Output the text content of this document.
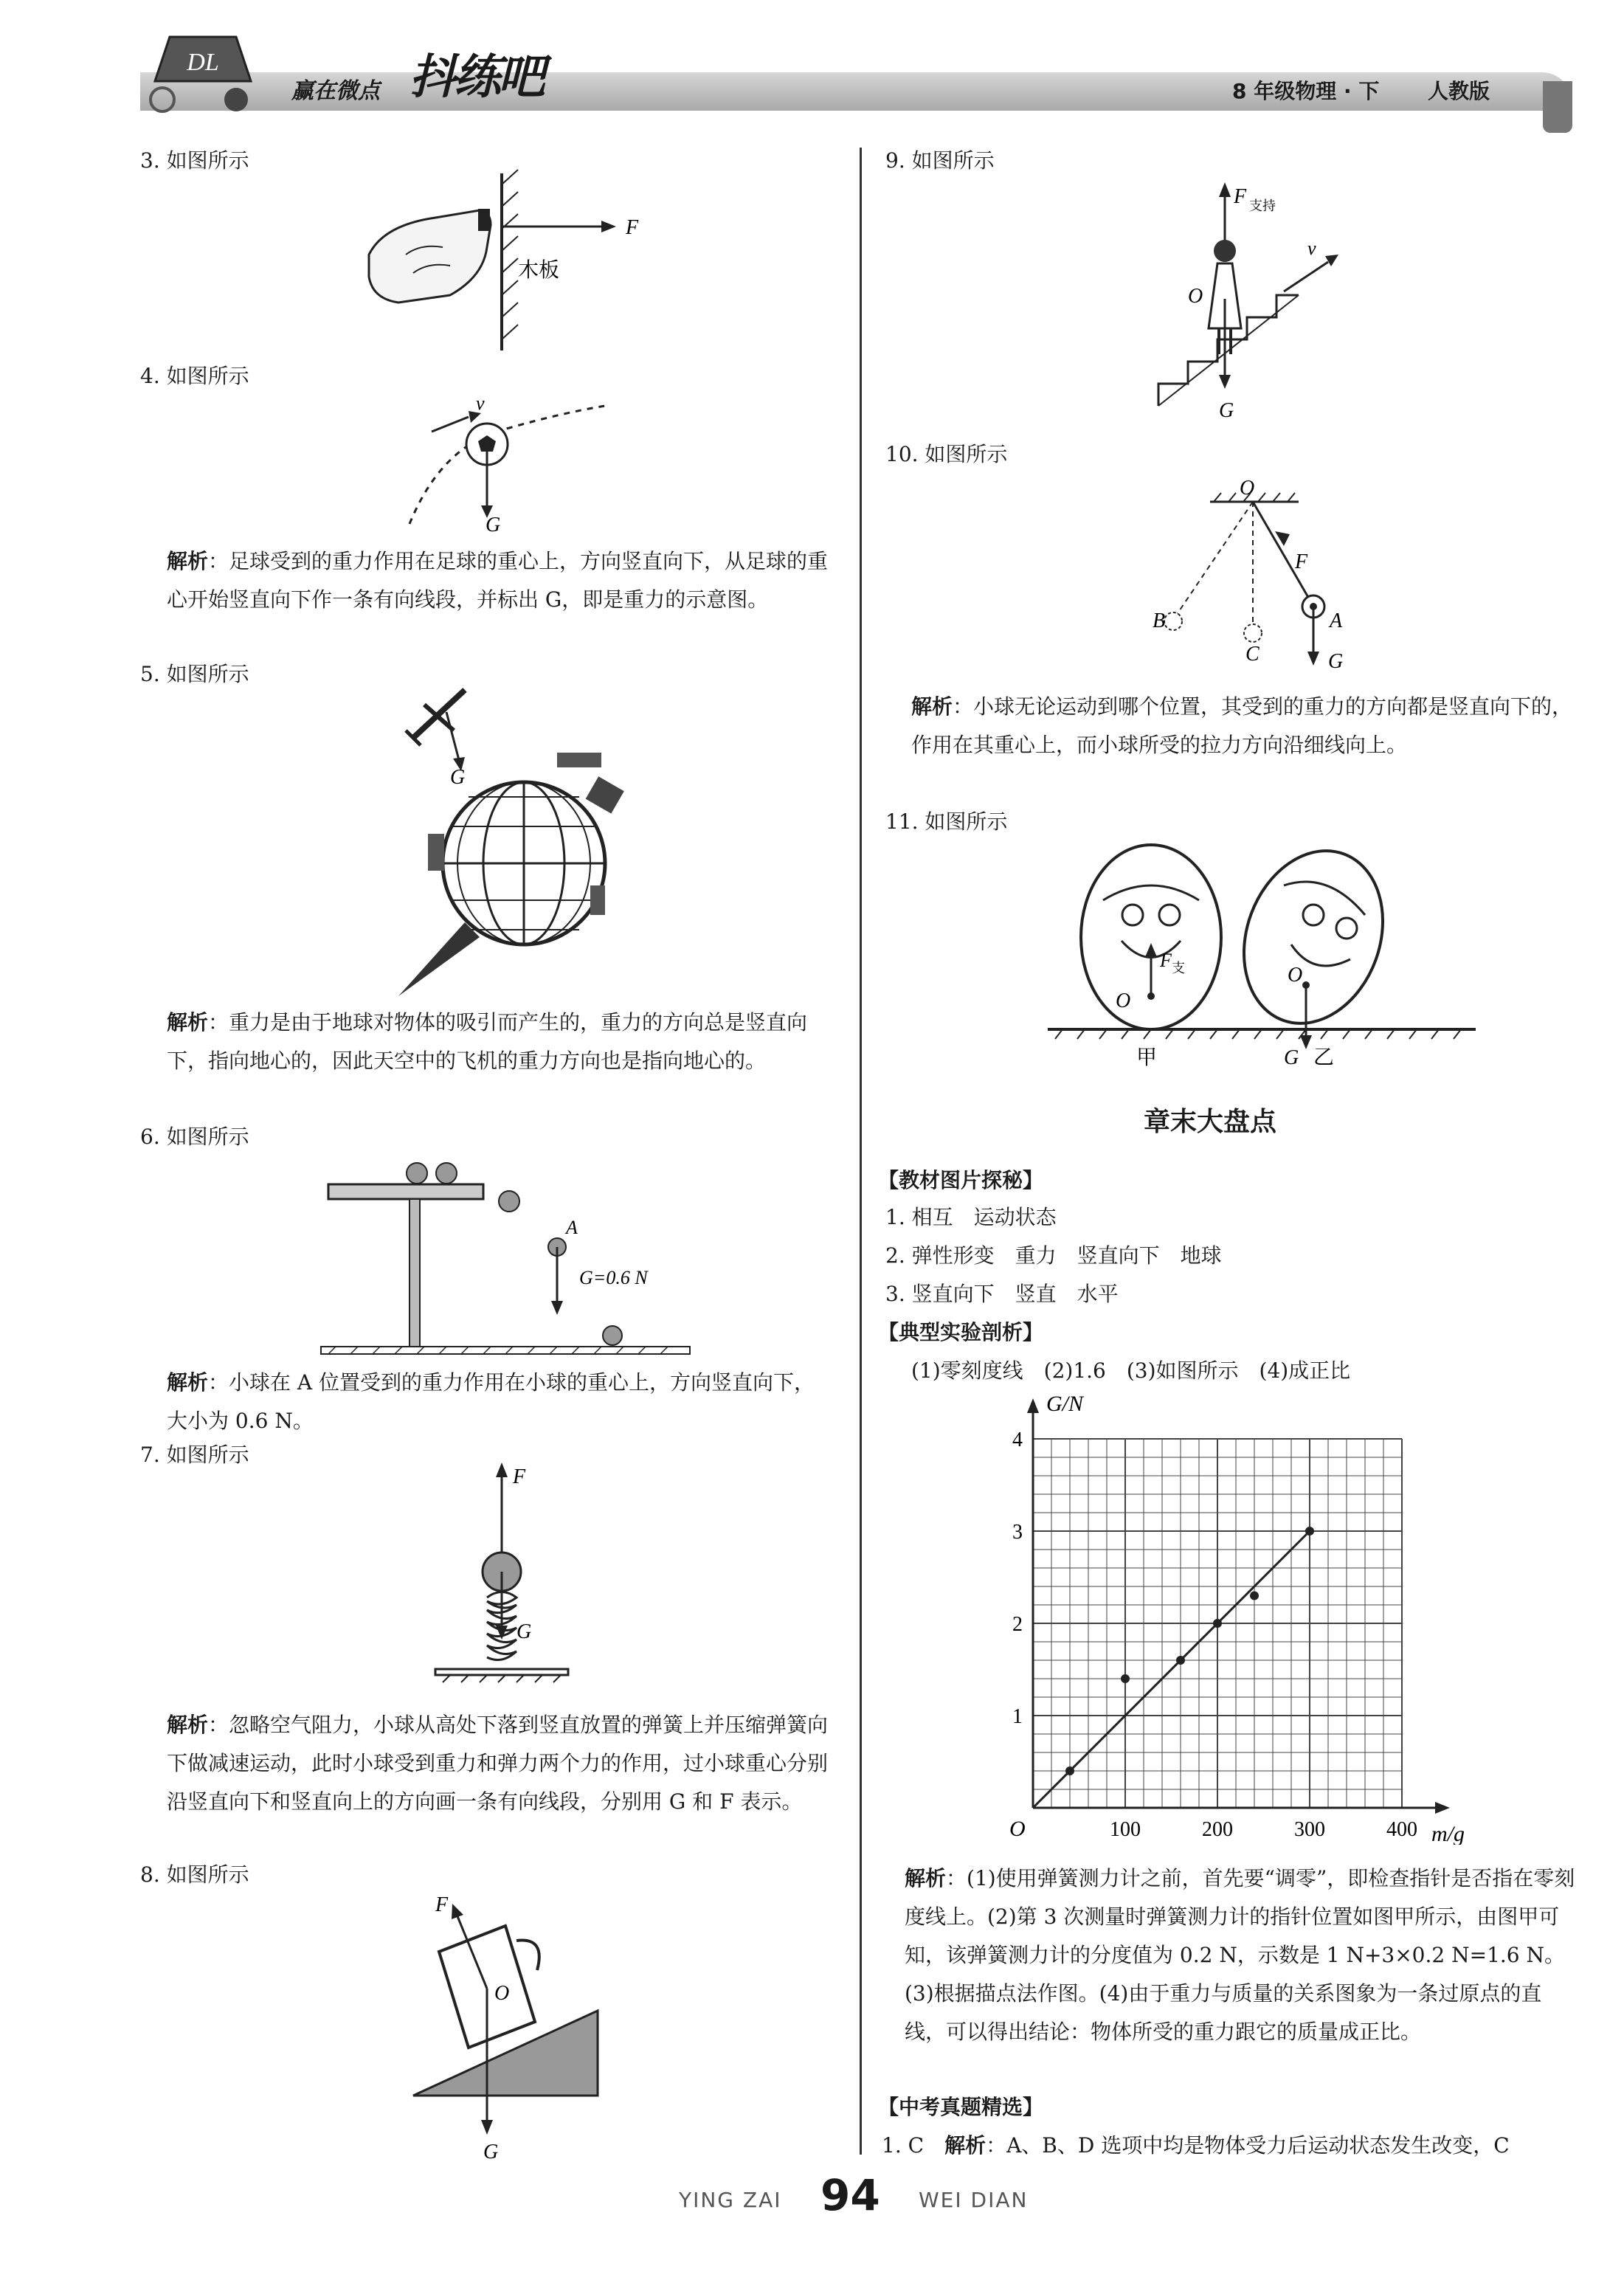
DL
赢在微点 抖练吧	8 年级物理 · 下 人教版
3. 如图所示
F
木板
4. 如图所示
v
G
解析：足球受到的重力作用在足球的重心上，方向竖直向下，从足球的重心开始竖直向下作一条有向线段，并标出 G，即是重力的示意图。
5. 如图所示
G
解析：重力是由于地球对物体的吸引而产生的，重力的方向总是竖直向下，指向地心的，因此天空中的飞机的重力方向也是指向地心的。
6. 如图所示
A
G=0.6 N
解析：小球在 A 位置受到的重力作用在小球的重心上，方向竖直向下，大小为 0.6 N。
7. 如图所示
F
G
解析：忽略空气阻力，小球从高处下落到竖直放置的弹簧上并压缩弹簧向下做减速运动，此时小球受到重力和弹力两个力的作用，过小球重心分别沿竖直向下和竖直向上的方向画一条有向线段，分别用 G 和 F 表示。
8. 如图所示
F
O
G
9. 如图所示
F 支持
O
v
G
10. 如图所示
O
F
A
B
C	G
解析：小球无论运动到哪个位置，其受到的重力的方向都是竖直向下的，作用在其重心上，而小球所受的拉力方向沿细线向上。
11. 如图所示
F 支
O
甲
O
G 乙
章末大盘点
【教材图片探秘】
1. 相互　运动状态
2. 弹性形变　重力　竖直向下　地球
3. 竖直向下　竖直　水平
【典型实验剖析】
(1)零刻度线　(2)1.6　(3)如图所示　(4)成正比
100	200	300	400
1
2
3
4
G/N
m/g
O
解析：(1)使用弹簧测力计之前，首先要“调零”，即检查指针是否指在零刻度线上。(2)第 3 次测量时弹簧测力计的指针位置如图甲所示，由图甲可知，该弹簧测力计的分度值为 0.2 N，示数是 1 N+3×0.2 N=1.6 N。(3)根据描点法作图。(4)由于重力与质量的关系图象为一条过原点的直线，可以得出结论：物体所受的重力跟它的质量成正比。
【中考真题精选】
1. C　 解析：A、B、D 选项中均是物体受力后运动状态发生改变，C
YING ZAI 94 WEI DIAN
